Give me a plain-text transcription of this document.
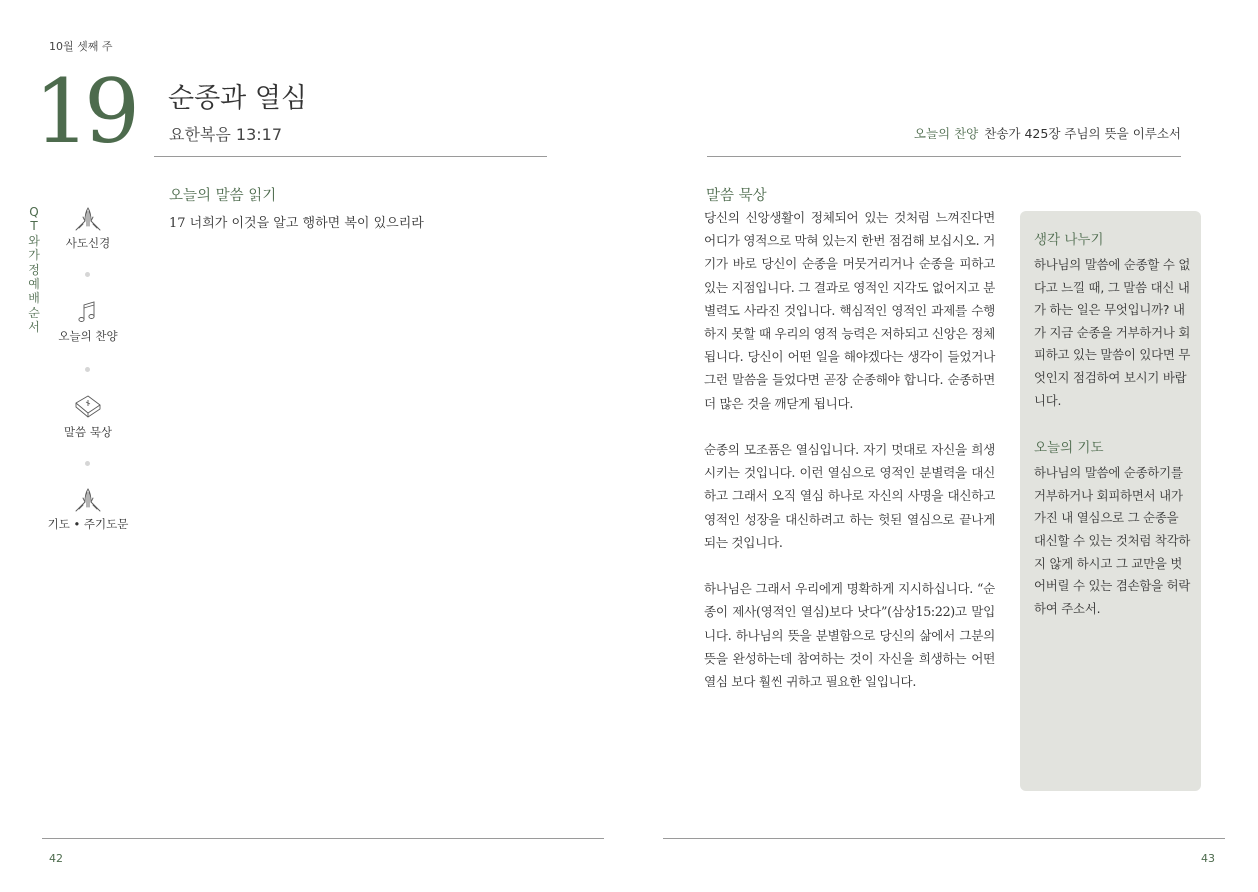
10월 셋째 주
19 순종과 열심
요한복음 13:17
QT와 가정예배 순서
사도신경
오늘의 찬양
말씀 묵상
기도 • 주기도문
오늘의 말씀 읽기
17 너희가 이것을 알고 행하면 복이 있으리라
42
오늘의 찬양 찬송가 425장 주님의 뜻을 이루소서
말씀 묵상

당신의 신앙생활이 정체되어 있는 것처럼 느껴진다면 어디가 영적으로 막혀 있는지 한번 점검해 보십시오. 거기가 바로 당신이 순종을 머뭇거리거나 순종을 피하고 있는 지점입니다. 그 결과로 영적인 지각도 없어지고 분별력도 사라진 것입니다. 핵심적인 영적인 과제를 수행하지 못할 때 우리의 영적 능력은 저하되고 신앙은 정체됩니다. 당신이 어떤 일을 해야겠다는 생각이 들었거나 그런 말씀을 들었다면 곧장 순종해야 합니다. 순종하면 더 많은 것을 깨닫게 됩니다.

순종의 모조품은 열심입니다. 자기 멋대로 자신을 희생시키는 것입니다. 이런 열심으로 영적인 분별력을 대신하고 그래서 오직 열심 하나로 자신의 사명을 대신하고 영적인 성장을 대신하려고 하는 헛된 열심으로 끝나게 되는 것입니다.

하나님은 그래서 우리에게 명확하게 지시하십니다. “순종이 제사(영적인 열심)보다 낫다”(삼상15:22)고 말입니다. 하나님의 뜻을 분별함으로 당신의 삶에서 그분의 뜻을 완성하는데 참여하는 것이 자신을 희생하는 어떤 열심 보다 훨씬 귀하고 필요한 일입니다.

생각 나누기
하나님의 말씀에 순종할 수 없다고 느낄 때, 그 말씀 대신 내가 하는 일은 무엇입니까? 내가 지금 순종을 거부하거나 회피하고 있는 말씀이 있다면 무엇인지 점검하여 보시기 바랍니다.
오늘의 기도
하나님의 말씀에 순종하기를 거부하거나 회피하면서 내가 가진 내 열심으로 그 순종을 대신할 수 있는 것처럼 착각하지 않게 하시고 그 교만을 벗어버릴 수 있는 겸손함을 허락하여 주소서.
43
